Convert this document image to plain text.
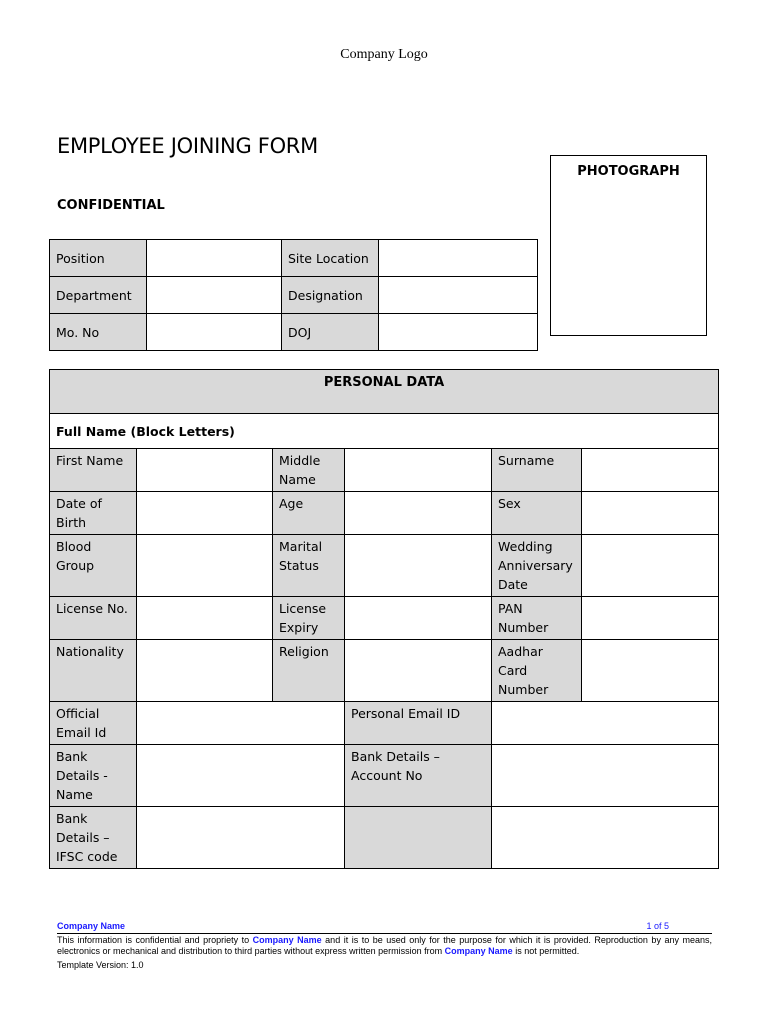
Company Logo
EMPLOYEE JOINING FORM
CONFIDENTIAL
PHOTOGRAPH
Position		Site Location	
Department		Designation	
Mo. No		DOJ	
PERSONAL DATA					
Full Name (Block Letters)					
First Name		Middle Name		Surname	
Date of Birth		Age		Sex	
Blood Group		Marital Status		Wedding Anniversary Date	
License No.		License Expiry		PAN Number	
Nationality		Religion		Aadhar Card Number	
Official Email Id			Personal Email ID		
Bank Details - Name			Bank Details – Account No		
Bank Details – IFSC code					
Company Name	1 of 5
This information is confidential and propriety to Company Name and it is to be used only for the purpose for which it is provided. Reproduction by any means, electronics or mechanical and distribution to third parties without express written permission from Company Name is not permitted.
Template Version: 1.0
